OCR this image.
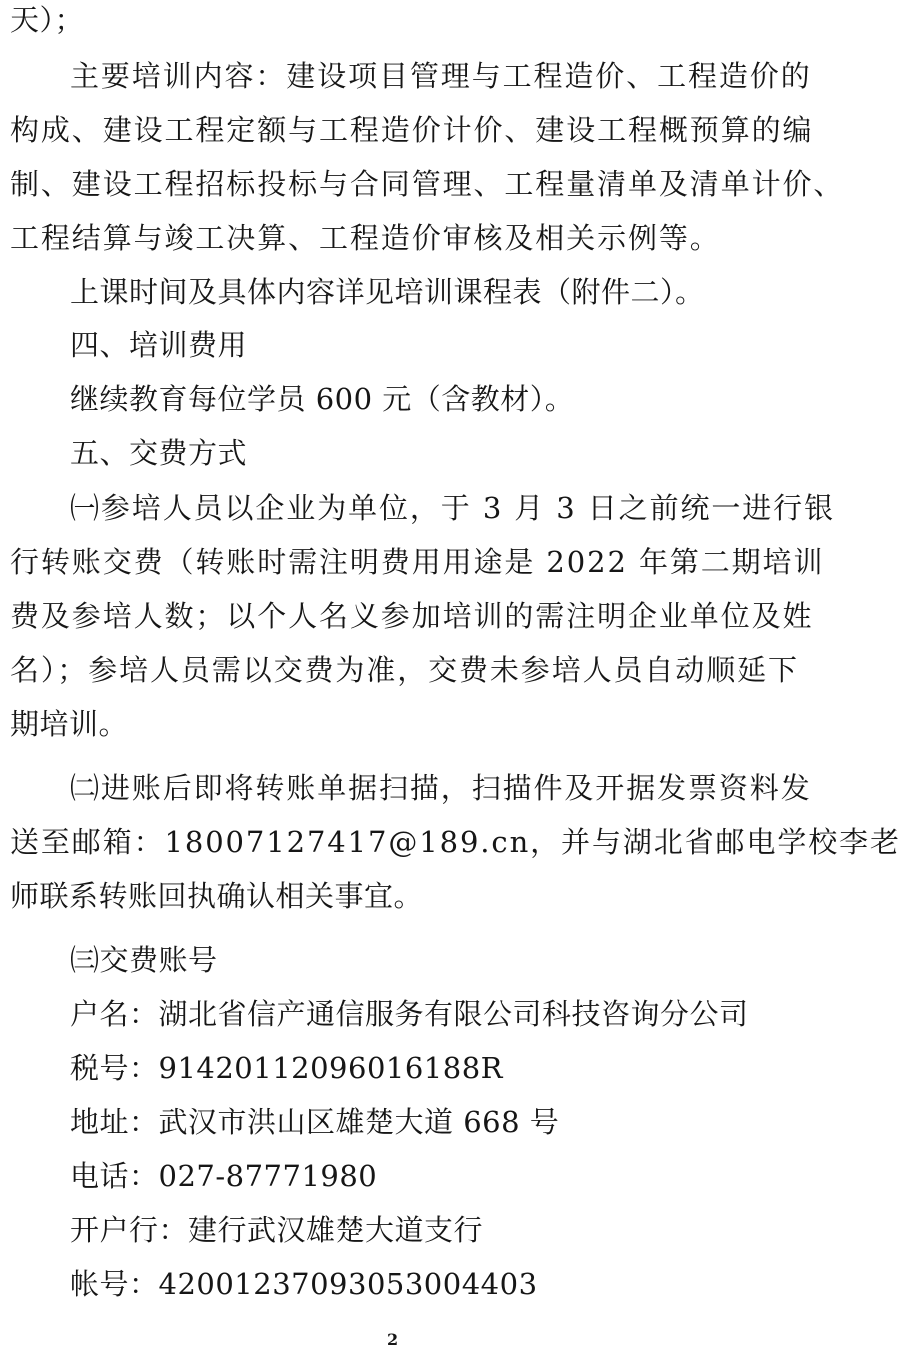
天）；
主要培训内容：建设项目管理与工程造价、工程造价的
构成、建设工程定额与工程造价计价、建设工程概预算的编
制、建设工程招标投标与合同管理、工程量清单及清单计价、
工程结算与竣工决算、工程造价审核及相关示例等。
上课时间及具体内容详见培训课程表（附件二）。
四、培训费用
继续教育每位学员 600 元（含教材）。
五、交费方式
㈠参培人员以企业为单位，于 3 月 3 日之前统一进行银
行转账交费（转账时需注明费用用途是 2022 年第二期培训
费及参培人数；以个人名义参加培训的需注明企业单位及姓
名）；参培人员需以交费为准，交费未参培人员自动顺延下
期培训。
㈡进账后即将转账单据扫描，扫描件及开据发票资料发
送至邮箱：18007127417@189.cn，并与湖北省邮电学校李老
师联系转账回执确认相关事宜。
㈢交费账号
户名：湖北省信产通信服务有限公司科技咨询分公司
税号：91420112096016188R
地址：武汉市洪山区雄楚大道 668 号
电话：027-87771980
开户行：建行武汉雄楚大道支行
帐号：42001237093053004403
2
